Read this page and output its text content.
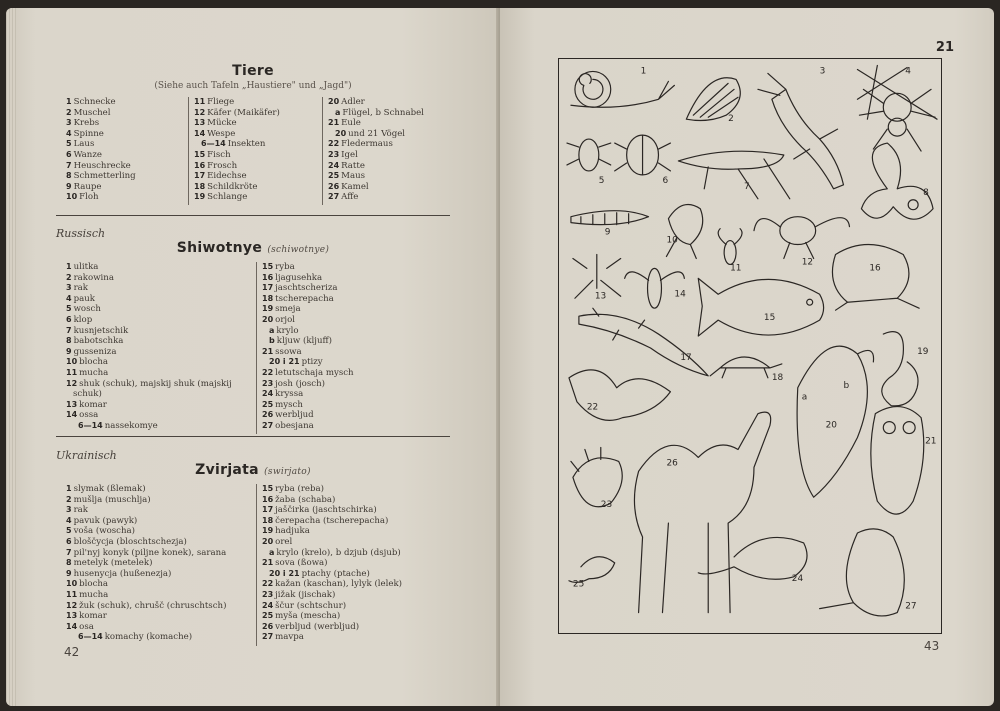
Tiere
(Siehe auch Tafeln „Haustiere" und „Jagd")
1 Schnecke
2 Muschel
3 Krebs
4 Spinne
5 Laus
6 Wanze
7 Heuschrecke
8 Schmetterling
9 Raupe
10 Floh
11 Fliege
12 Käfer (Maikäfer)
13 Mücke
14 Wespe
6—14 Insekten
15 Fisch
16 Frosch
17 Eidechse
18 Schildkröte
19 Schlange
20 Adler
a Flügel, b Schnabel
21 Eule
20 und 21 Vögel
22 Fledermaus
23 Igel
24 Ratte
25 Maus
26 Kamel
27 Affe
Russisch
Shiwotnye (schiwotnye)
1 ulitka
2 rakowina
3 rak
4 pauk
5 wosch
6 klop
7 kusnjetschik
8 babotschka
9 gusseniza
10 blocha
11 mucha
12 shuk (schuk), majskij shuk (majskij
schuk)
13 komar
14 ossa
6—14 nassekomye
15 ryba
16 ljagusehka
17 jaschtscheriza
18 tscherepacha
19 smeja
20 orjol
a krylo
b kljuw (kljuff)
21 ssowa
20 i 21 ptizy
22 letutschaja mysch
23 josh (josch)
24 kryssa
25 mysch
26 werbljud
27 obesjana
Ukrainisch
Zvirjata (swirjato)
1 slymak (ßlemak)
2 mušlja (muschlja)
3 rak
4 pavuk (pawyk)
5 voša (woscha)
6 bloščycja (bloschtschezja)
7 pil'nyj konyk (piljne konek), saranа
8 metelyk (metelek)
9 husenycja (hußenezja)
10 blocha
11 mucha
12 žuk (schuk), chrušč (chruschtsch)
13 komar
14 osa
6—14 komachy (komache)
15 ryba (reba)
16 žaba (schaba)
17 jaščirka (jaschtschirka)
18 čerepacha (tscherepacha)
19 hadjuka
20 orel
a krylo (krelo), b dzjub (dsjub)
21 sova (ßowa)
20 i 21 ptachy (ptache)
22 kažan (kaschan), lylyk (lelek)
23 jižak (jischak)
24 ščur (schtschur)
25 myša (mescha)
26 verbljud (werbljud)
27 mavpa
42
21
1
2
3	4
5	6
7
8
9
10
11
12
13	14
15
16
17
18
19
20
21
22
23
24
25
26
27
a
b
43
